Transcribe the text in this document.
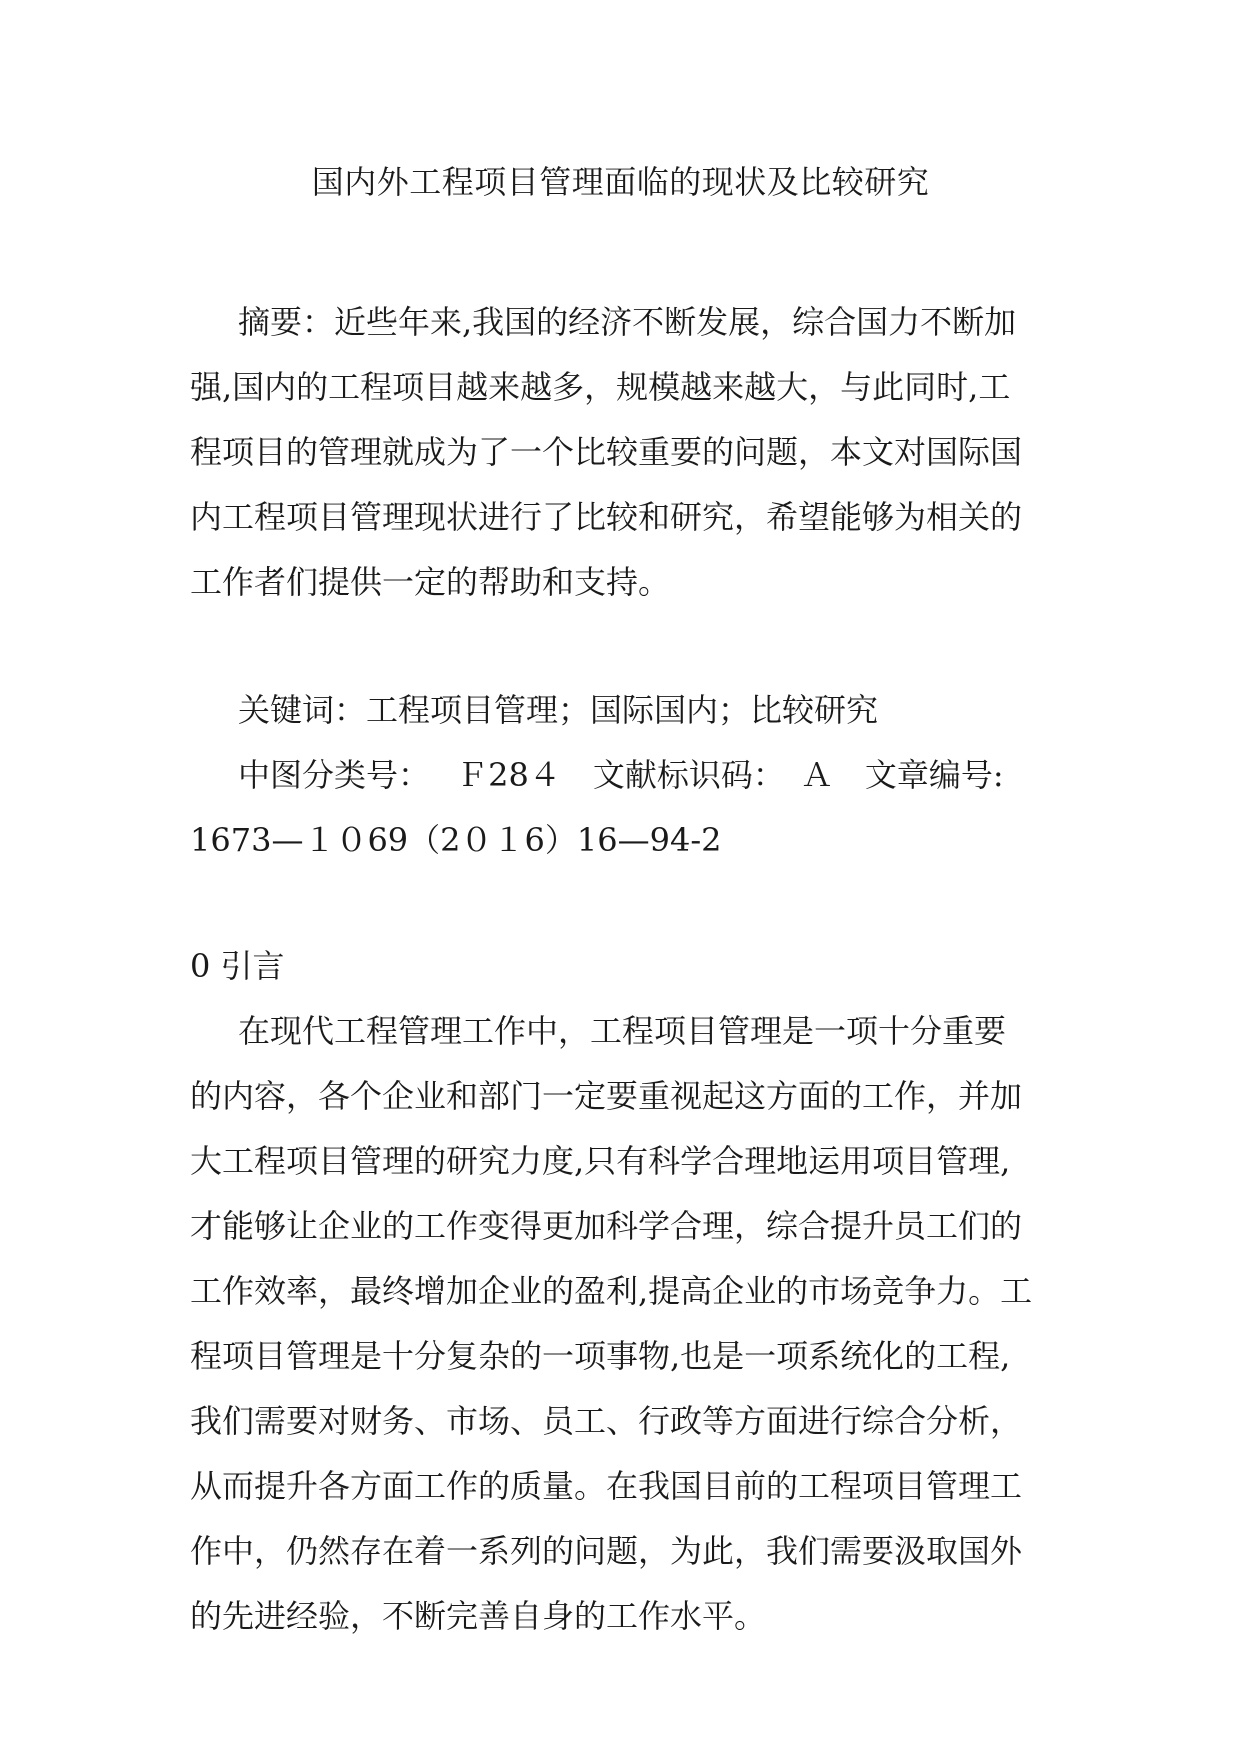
国内外工程项目管理面临的现状及比较研究
摘要：近些年来,我国的经济不断发展，综合国力不断加
强,国内的工程项目越来越多，规模越来越大，与此同时,工
程项目的管理就成为了一个比较重要的问题，本文对国际国
内工程项目管理现状进行了比较和研究，希望能够为相关的
工作者们提供一定的帮助和支持。
关键词：工程项目管理；国际国内；比较研究
中图分类号：　 Ｆ28４　文献标识码：　Ａ　文章编号:
1673—１０69（2０１6）16—94-2
0 引言
在现代工程管理工作中，工程项目管理是一项十分重要
的内容，各个企业和部门一定要重视起这方面的工作，并加
大工程项目管理的研究力度,只有科学合理地运用项目管理,
才能够让企业的工作变得更加科学合理，综合提升员工们的
工作效率，最终增加企业的盈利,提高企业的市场竞争力。工
程项目管理是十分复杂的一项事物,也是一项系统化的工程,
我们需要对财务、市场、员工、行政等方面进行综合分析，
从而提升各方面工作的质量。在我国目前的工程项目管理工
作中，仍然存在着一系列的问题，为此，我们需要汲取国外
的先进经验，不断完善自身的工作水平。
